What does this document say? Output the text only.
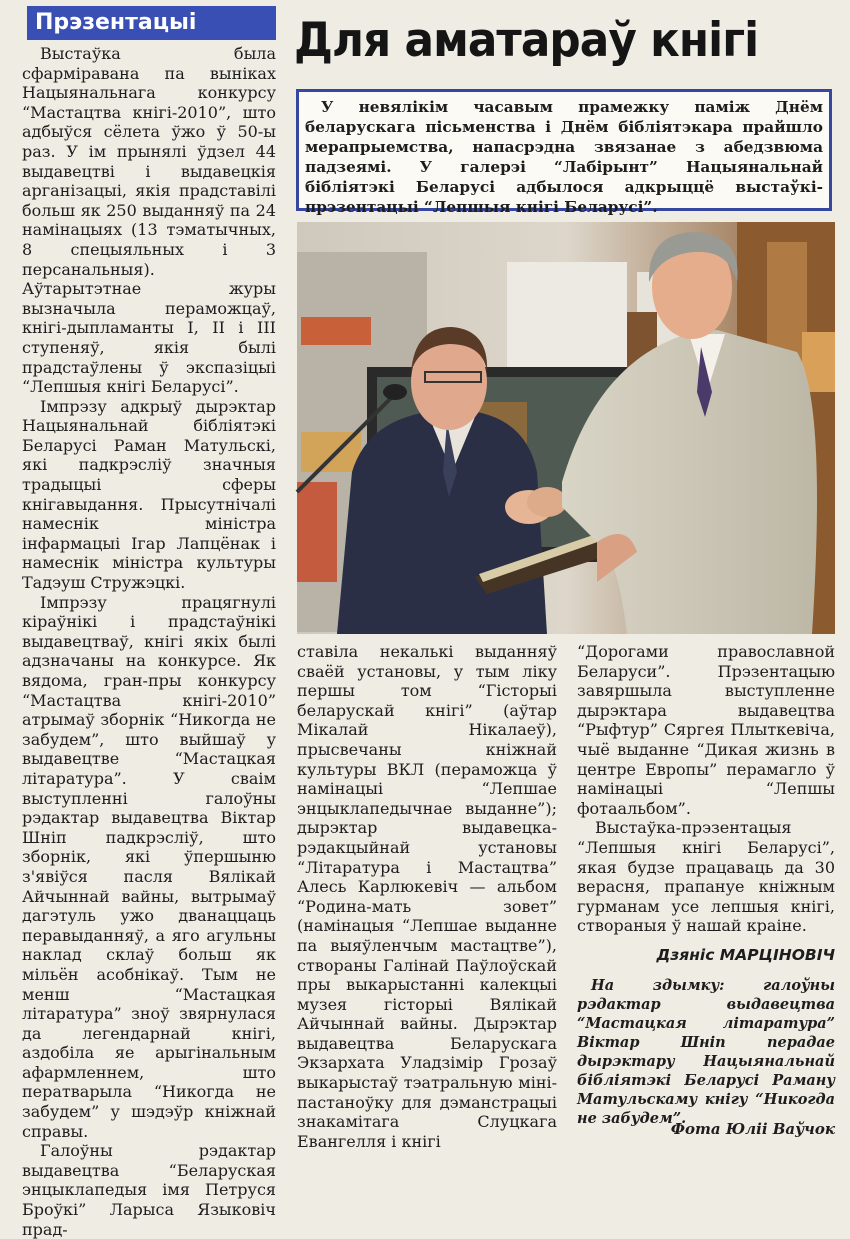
Прэзентацыі	Для аматараў кнігі
У невялікім часавым прамежку паміж Днём беларускага пісьменства і Днём бібліятэкара прайшло мерапрыемства, напасрэдна звязанае з абедзвюма падзеямі. У галерэі “Лабірынт” Нацыянальнай бібліятэкі Беларусі адбылося адкрыццё выстаўкі-прэзентацыі “Лепшыя кнігі Беларусі”.

Выстаўка была сфарміравана па выніках Нацыянальнага конкурсу “Мастацтва кнігі-2010”, што адбыўся сёлета ўжо ў 50-ы раз. У ім прынялі ўдзел 44 выдавецтві і выдавецкія арганізацыі, якія прадставілі больш як 250 выданняў па 24 намінацыях (13 тэматычных, 8 спецыяльных і 3 персанальныя). Аўтарытэтнае журы вызначыла пераможцаў, кнігі-дыпламанты I, II і III ступеняў, якія былі прадстаўлены ў экспазіцыі “Лепшыя кнігі Беларусі”.

Імпрэзу адкрыў дырэктар Нацыянальнай бібліятэкі Беларусі Раман Матульскі, які падкрэсліў значныя традыцыі сферы кнігавыдання. Прысутнічалі намеснік міністра інфармацыі Ігар Лапцёнак і намеснік міністра культуры Тадэуш Стружэцкі.

Імпрэзу працягнулі кіраўнікі і прадстаўнікі выдавецтваў, кнігі якіх былі адзначаны на конкурсе. Як вядома, гран-пры конкурсу “Мастацтва кнігі-2010” атрымаў зборнік “Никогда не забудем”, што выйшаў у выдавецтве “Мастацкая літаратура”. У сваім выступленні галоўны рэдактар выдавецтва Віктар Шніп падкрэсліў, што зборнік, які ўпершыню з'явіўся пасля Вялікай Айчыннай вайны, вытрымаў дагэтуль ужо дванаццаць перавыданняў, а яго агульны наклад склаў больш як мільён асобнікаў. Тым не менш “Мастацкая літаратура” зноў звярнулася да легендарнай кнігі, аздобіла яе арыгінальным афармленнем, што ператварыла “Никогда не забудем” у шэдэўр кніжнай справы.

Галоўны рэдактар выдавецтва “Беларуская энцыклапедыя імя Петруся Броўкі” Ларыса Языковіч прад-

ставіла некалькі выданняў сваёй установы, у тым ліку першы том “Гісторыі беларускай кнігі” (аўтар Мікалай Нікалаеў), прысвечаны кніжнай культуры ВКЛ (пераможца ў намінацыі “Лепшае энцыклапедычнае выданне”); дырэктар выдавецка-рэдакцыйнай установы “Літаратура і Мастацтва” Алесь Карлюкевіч — альбом “Родина-мать зовет” (намінацыя “Лепшае выданне па выяўленчым мастацтве”), створаны Галінай Паўлоўскай пры выкарыстанні калекцыі музея гісторыі Вялікай Айчыннай вайны. Дырэктар выдавецтва Беларускага Экзархата Уладзімір Грозаў выкарыстаў тэатральную міні-пастаноўку для дэманстрацыі знакамітага Слуцкага Евангелля і кнігі

“Дорогами православной Беларуси”. Прэзентацыю завяршыла выступленне дырэктара выдавецтва “Рыфтур” Сяргея Плыткевіча, чыё выданне “Дикая жизнь в центре Европы” перамагло ў намінацыі “Лепшы фотаальбом”.

Выстаўка-прэзентацыя “Лепшыя кнігі Беларусі”, якая будзе працаваць да 30 верасня, прапануе кніжным гурманам усе лепшыя кнігі, створаныя ў нашай краіне.

Дзяніс МАРЦІНОВІЧ
На здымку: галоўны рэдактар выдавецтва “Мастацкая літаратура” Віктар Шніп перадае дырэктару Нацыянальнай бібліятэкі Беларусі Раману Матульскаму кнігу “Никогда не забудем”.
Фота Юліі Ваўчок
